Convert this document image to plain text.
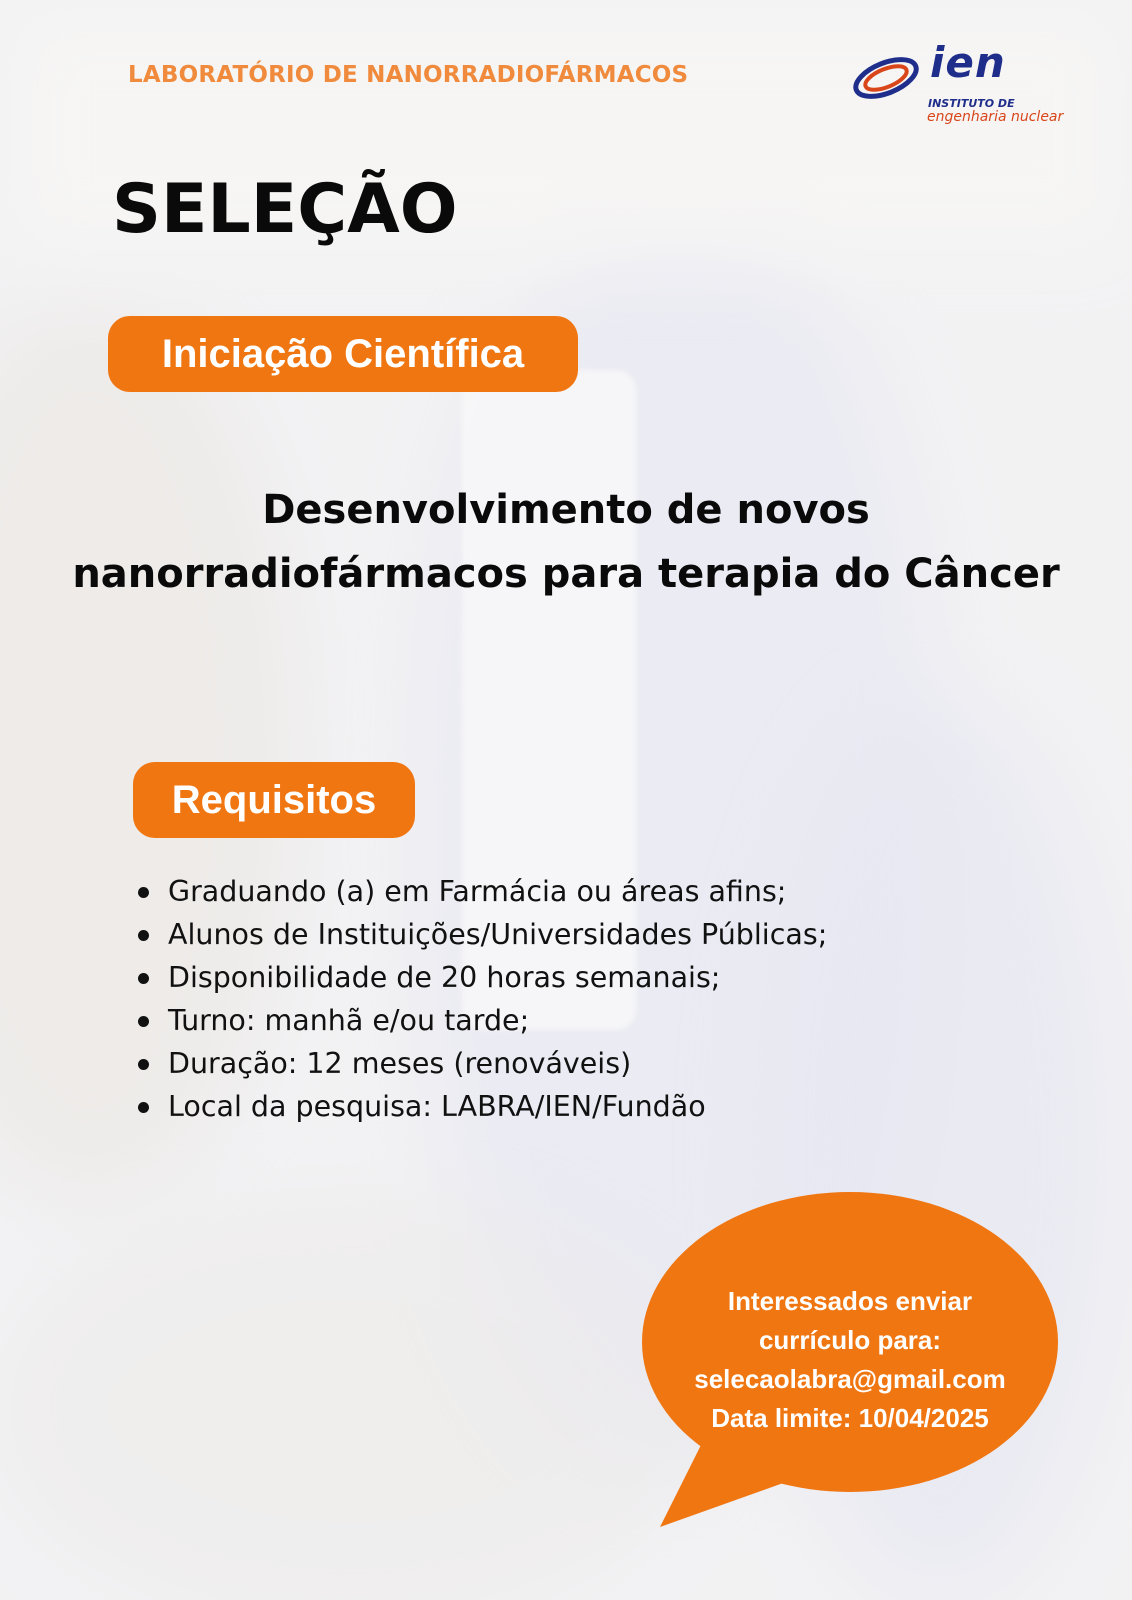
LABORATÓRIO DE NANORRADIOFÁRMACOS	ien

INSTITUTO DE

engenharia nuclear

SELEÇÃO
Iniciação Científica
Desenvolvimento de novos
nanorradiofármacos para terapia do Câncer
Requisitos
Graduando (a) em Farmácia ou áreas afins;
Alunos de Instituições/Universidades Públicas;
Disponibilidade de 20 horas semanais;
Turno: manhã e/ou tarde;
Duração: 12 meses (renováveis)
Local da pesquisa: LABRA/IEN/Fundão
Interessados enviar
currículo para:
selecaolabra@gmail.com
Data limite: 10/04/2025
